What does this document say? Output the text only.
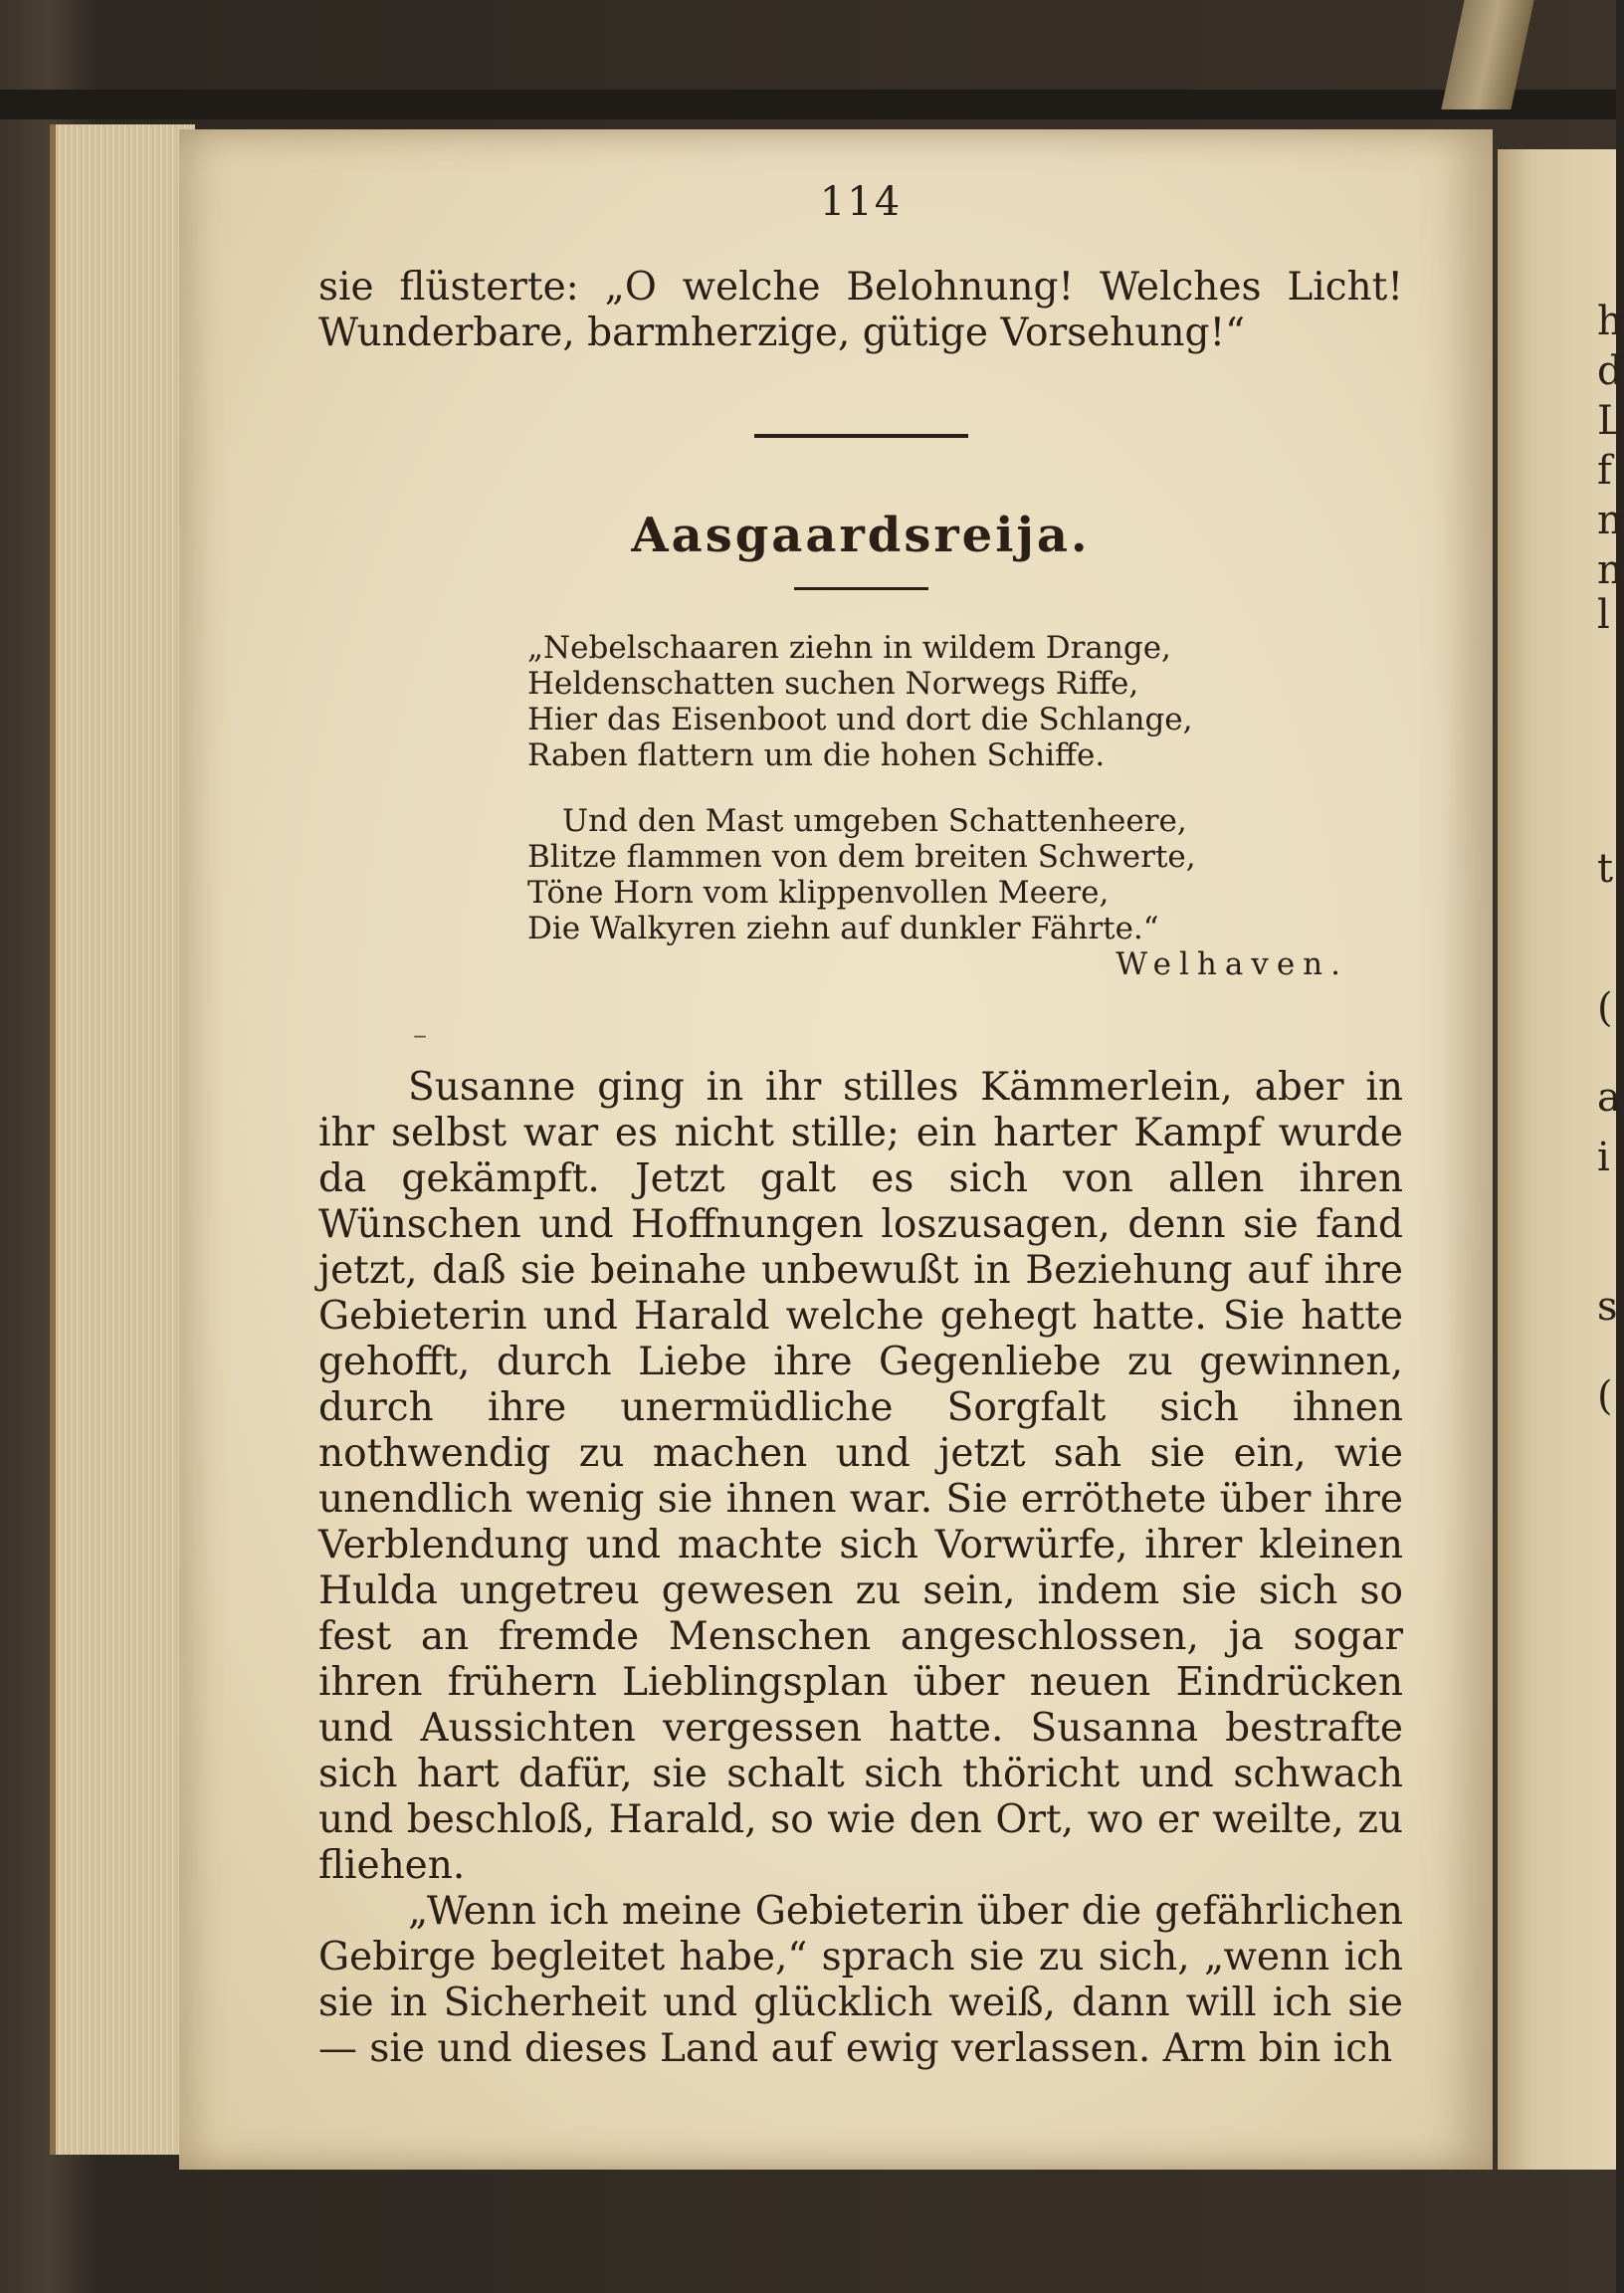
h
d
L
f
n
n
l
t
(
a
i
s
(
114

sie flüsterte: „O welche Belohnung! Welches Licht! Wunderbare, barmherzige, gütige Vorsehung!“

Aasgaardsreija.
„Nebelschaaren ziehn in wildem Drange,
Heldenschatten suchen Norwegs Riffe,
Hier das Eisenboot und dort die Schlange,
Raben flattern um die hohen Schiffe.
Und den Mast umgeben Schattenheere,
Blitze flammen von dem breiten Schwerte,
Töne Horn vom klippenvollen Meere,
Die Walkyren ziehn auf dunkler Fährte.“
Welhaven.
–

Susanne ging in ihr stilles Kämmerlein, aber in ihr selbst war es nicht stille; ein harter Kampf wurde da gekämpft. Jetzt galt es sich von allen ihren Wünschen und Hoffnungen loszusagen, denn sie fand jetzt, daß sie beinahe unbewußt in Beziehung auf ihre Gebieterin und Harald welche gehegt hatte. Sie hatte gehofft, durch Liebe ihre Gegenliebe zu gewinnen, durch ihre unermüdliche Sorgfalt sich ihnen nothwendig zu machen und jetzt sah sie ein, wie unendlich wenig sie ihnen war. Sie erröthete über ihre Verblendung und machte sich Vorwürfe, ihrer kleinen Hulda ungetreu gewesen zu sein, indem sie sich so fest an fremde Menschen angeschlossen, ja sogar ihren frühern Lieblingsplan über neuen Eindrücken und Aussichten vergessen hatte. Susanna bestrafte sich hart dafür, sie schalt sich thöricht und schwach und beschloß, Harald, so wie den Ort, wo er weilte, zu fliehen.

„Wenn ich meine Gebieterin über die gefährlichen Gebirge begleitet habe,“ sprach sie zu sich, „wenn ich sie in Sicherheit und glücklich weiß, dann will ich sie — sie und dieses Land auf ewig verlassen. Arm bin ich
